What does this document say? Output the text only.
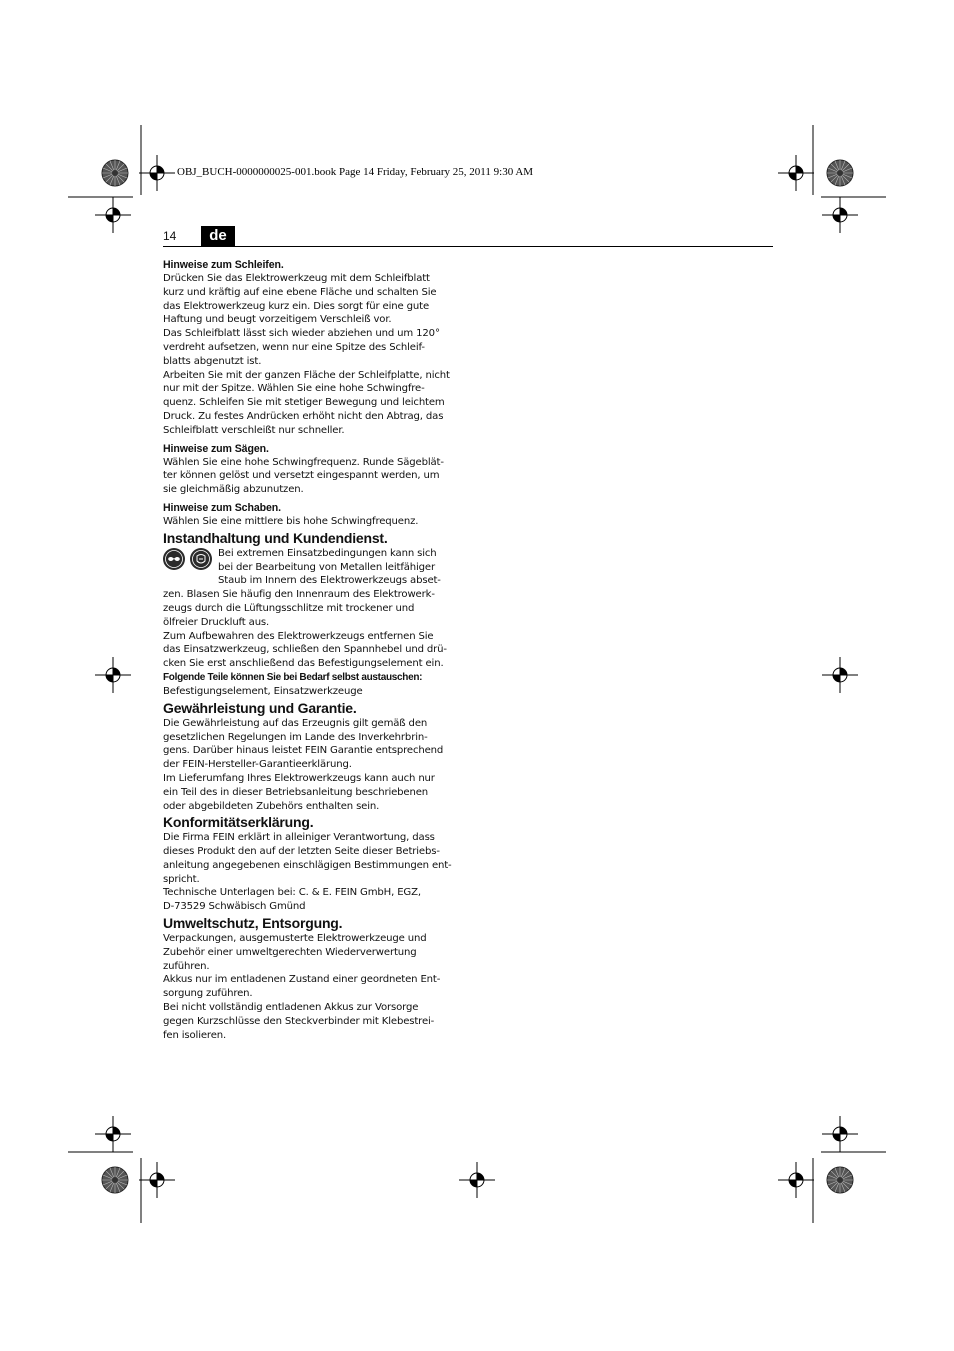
OBJ_BUCH-0000000025-001.book Page 14 Friday, February 25, 2011 9:30 AM
14	de

Hinweise zum Schleifen.

Drücken Sie das Elektrowerkzeug mit dem Schleifblatt

kurz und kräftig auf eine ebene Fläche und schalten Sie

das Elektrowerkzeug kurz ein. Dies sorgt für eine gute

Haftung und beugt vorzeitigem Verschleiß vor.

Das Schleifblatt lässt sich wieder abziehen und um 120°

verdreht aufsetzen, wenn nur eine Spitze des Schleif-

blatts abgenutzt ist.

Arbeiten Sie mit der ganzen Fläche der Schleifplatte, nicht

nur mit der Spitze. Wählen Sie eine hohe Schwingfre-

quenz. Schleifen Sie mit stetiger Bewegung und leichtem

Druck. Zu festes Andrücken erhöht nicht den Abtrag, das

Schleifblatt verschleißt nur schneller.

Hinweise zum Sägen.

Wählen Sie eine hohe Schwingfrequenz. Runde Sägeblät-

ter können gelöst und versetzt eingespannt werden, um

sie gleichmäßig abzunutzen.

Hinweise zum Schaben.

Wählen Sie eine mittlere bis hohe Schwingfrequenz.

Instandhaltung und Kundendienst.

Bei extremen Einsatzbedingungen kann sich

bei der Bearbeitung von Metallen leitfähiger

Staub im Innern des Elektrowerkzeugs abset-

zen. Blasen Sie häufig den Innenraum des Elektrowerk-

zeugs durch die Lüftungsschlitze mit trockener und

ölfreier Druckluft aus.

Zum Aufbewahren des Elektrowerkzeugs entfernen Sie

das Einsatzwerkzeug, schließen den Spannhebel und drü-

cken Sie erst anschließend das Befestigungselement ein.

Folgende Teile können Sie bei Bedarf selbst austauschen:

Befestigungselement, Einsatzwerkzeuge

Gewährleistung und Garantie.

Die Gewährleistung auf das Erzeugnis gilt gemäß den

gesetzlichen Regelungen im Lande des Inverkehrbrin-

gens. Darüber hinaus leistet FEIN Garantie entsprechend

der FEIN-Hersteller-Garantieerklärung.

Im Lieferumfang Ihres Elektrowerkzeugs kann auch nur

ein Teil des in dieser Betriebsanleitung beschriebenen

oder abgebildeten Zubehörs enthalten sein.

Konformitätserklärung.

Die Firma FEIN erklärt in alleiniger Verantwortung, dass

dieses Produkt den auf der letzten Seite dieser Betriebs-

anleitung angegebenen einschlägigen Bestimmungen ent-

spricht.

Technische Unterlagen bei: C. & E. FEIN GmbH, EGZ,

D-73529 Schwäbisch Gmünd

Umweltschutz, Entsorgung.

Verpackungen, ausgemusterte Elektrowerkzeuge und

Zubehör einer umweltgerechten Wiederverwertung

zuführen.

Akkus nur im entladenen Zustand einer geordneten Ent-

sorgung zuführen.

Bei nicht vollständig entladenen Akkus zur Vorsorge

gegen Kurzschlüsse den Steckverbinder mit Klebestrei-

fen isolieren.
